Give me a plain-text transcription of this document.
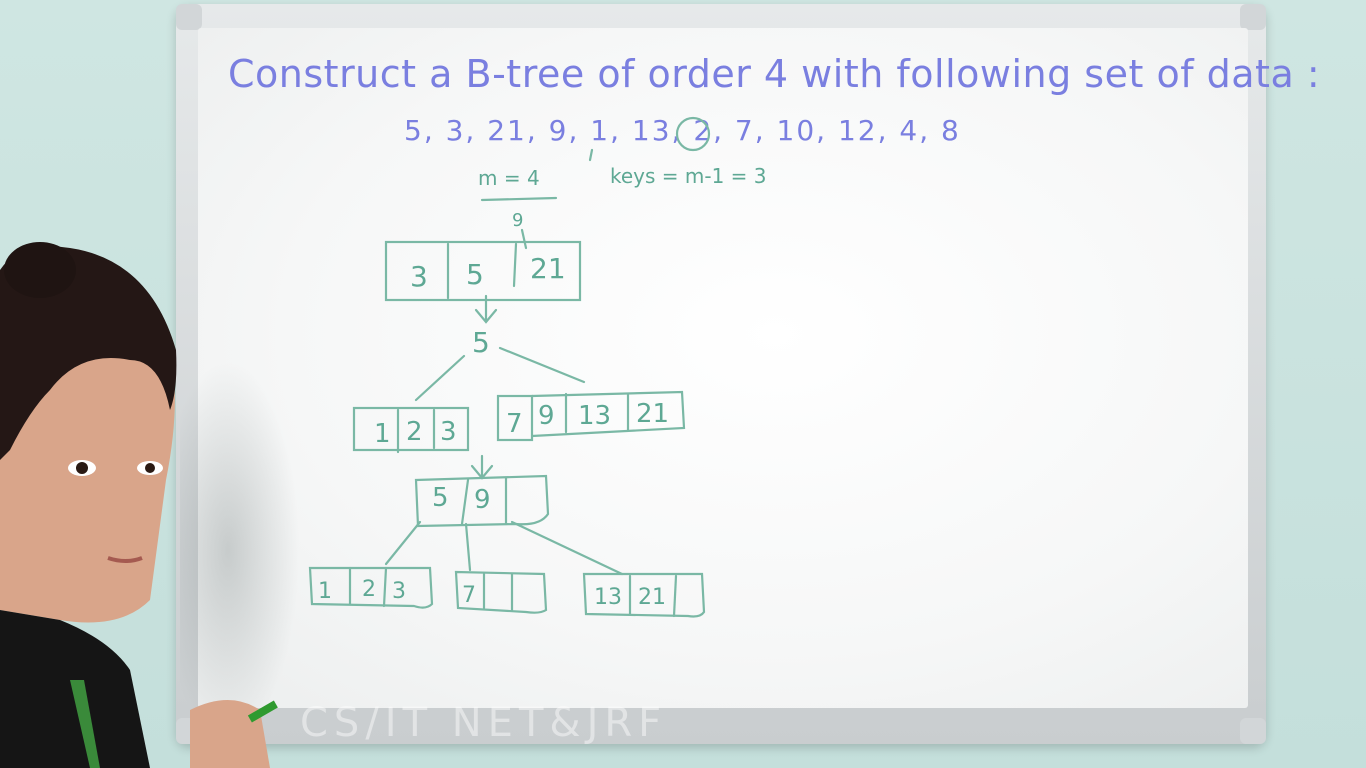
Construct a B-tree of order 4 with following set of data :
5, 3, 21, 9, 1, 13, 2, 7, 10, 12, 4, 8
m = 4	keys = m-1 = 3
9
3 5 21
5
1 2 3 7 9 13 21
5 9
1 2 3	7	13 21
CS/IT NET&JRF
